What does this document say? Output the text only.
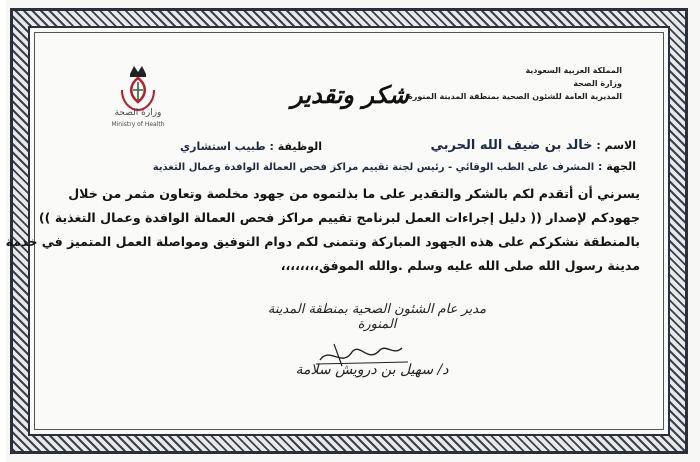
المملكة العربية السعودية
وزارة الصحة
المديرية العامة للشئون الصحية بمنطقة المدينة المنورة
وزارة الصحة
Ministry of Health
شكر وتقدير
الاسم : خالد بن ضيف الله الحربي
الوظيفة : طبيب استشاري
الجهة : المشرف على الطب الوقائي - رئيس لجنة تقييم مراكز فحص العمالة الوافدة وعمال التغذية
يسرني أن أتقدم لكم بالشكر والتقدير على ما بذلتموه من جهود مخلصة وتعاون مثمر من خلال
جهودكم لإصدار (( دليل إجراءات العمل لبرنامج تقييم مراكز فحص العمالة الوافدة وعمال التغذية ))
بالمنطقة نشكركم على هذه الجهود المباركة ونتمنى لكم دوام التوفيق ومواصلة العمل المتميز في خدمة
مدينة رسول الله صلى الله عليه وسلم .والله الموفق،،،،،،،،
مدير عام الشئون الصحية بمنطقة المدينة المنورة
د/ سهيل بن درويش سلامة
